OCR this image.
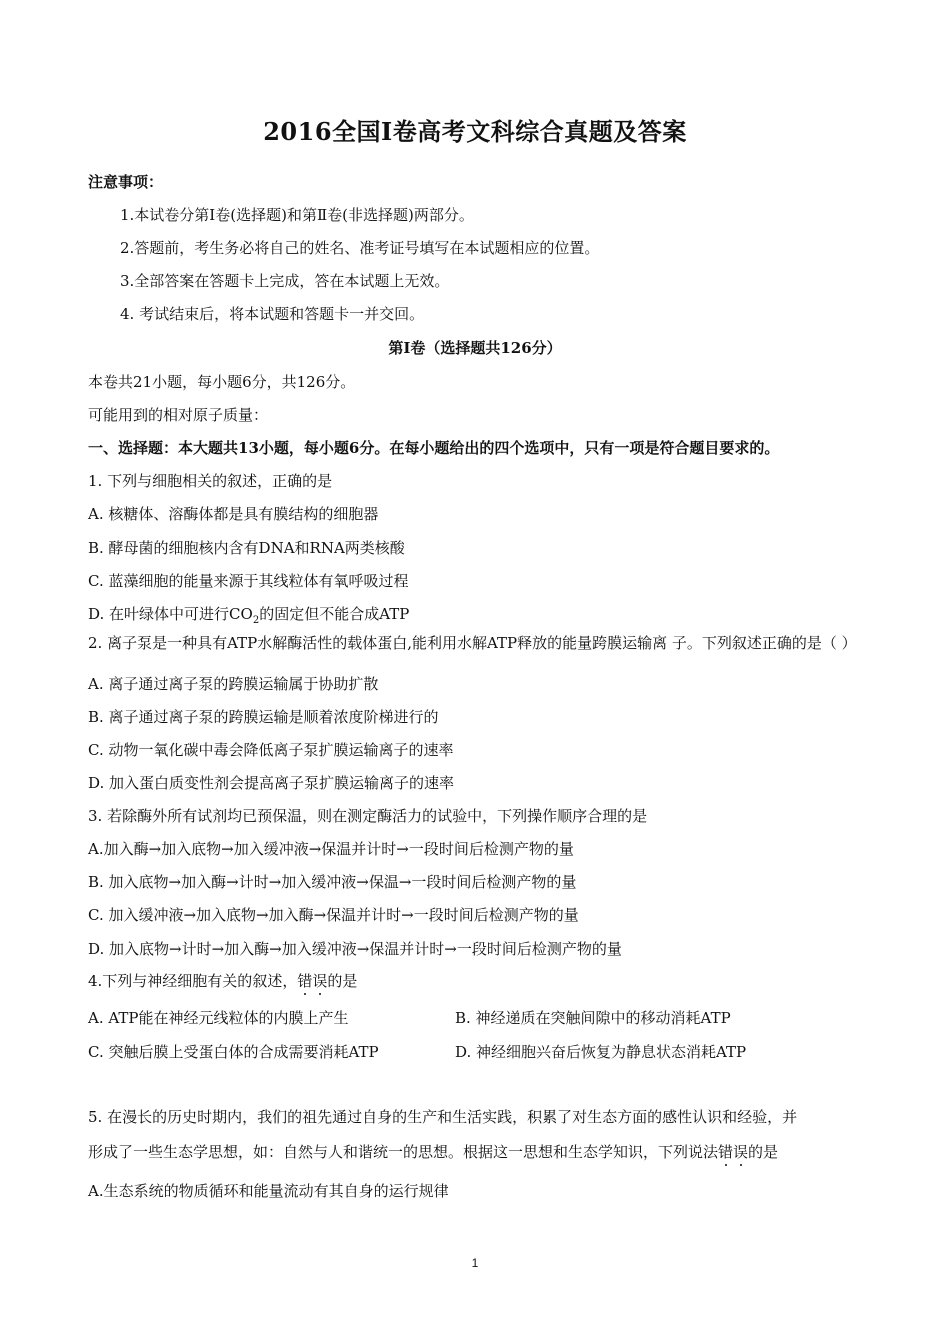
2016全国Ⅰ卷高考文科综合真题及答案
注意事项：
1.本试卷分第Ⅰ卷(选择题)和第Ⅱ卷(非选择题)两部分。
2.答题前，考生务必将自己的姓名、准考证号填写在本试题相应的位置。
3.全部答案在答题卡上完成，答在本试题上无效。
4. 考试结束后，将本试题和答题卡一并交回。
第Ⅰ卷（选择题共126分）
本卷共21小题，每小题6分，共126分。
可能用到的相对原子质量：
一、选择题：本大题共13小题，每小题6分。在每小题给出的四个选项中，只有一项是符合题目要求的。
1. 下列与细胞相关的叙述，正确的是
A. 核糖体、溶酶体都是具有膜结构的细胞器
B. 酵母菌的细胞核内含有DNA和RNA两类核酸
C. 蓝藻细胞的能量来源于其线粒体有氧呼吸过程
D. 在叶绿体中可进行$CO_2$的固定但不能合成ATP
2. 离子泵是一种具有ATP水解酶活性的载体蛋白,能利用水解ATP释放的能量跨膜运输离 子。下列叙述正确的是（ ）
A. 离子通过离子泵的跨膜运输属于协助扩散
B. 离子通过离子泵的跨膜运输是顺着浓度阶梯进行的
C. 动物一氧化碳中毒会降低离子泵扩膜运输离子的速率
D. 加入蛋白质变性剂会提高离子泵扩膜运输离子的速率
3. 若除酶外所有试剂均已预保温，则在测定酶活力的试验中，下列操作顺序合理的是
A.加入酶→加入底物→加入缓冲液→保温并计时→一段时间后检测产物的量
B. 加入底物→加入酶→计时→加入缓冲液→保温→一段时间后检测产物的量
C. 加入缓冲液→加入底物→加入酶→保温并计时→一段时间后检测产物的量
D. 加入底物→计时→加入酶→加入缓冲液→保温并计时→一段时间后检测产物的量
4.下列与神经细胞有关的叙述，错误的是
A. ATP能在神经元线粒体的内膜上产生	B. 神经递质在突触间隙中的移动消耗ATP
C. 突触后膜上受蛋白体的合成需要消耗ATP	D. 神经细胞兴奋后恢复为静息状态消耗ATP
5. 在漫长的历史时期内，我们的祖先通过自身的生产和生活实践，积累了对生态方面的感性认识和经验，并
形成了一些生态学思想，如：自然与人和谐统一的思想。根据这一思想和生态学知识，下列说法错误的是
A.生态系统的物质循环和能量流动有其自身的运行规律
1
